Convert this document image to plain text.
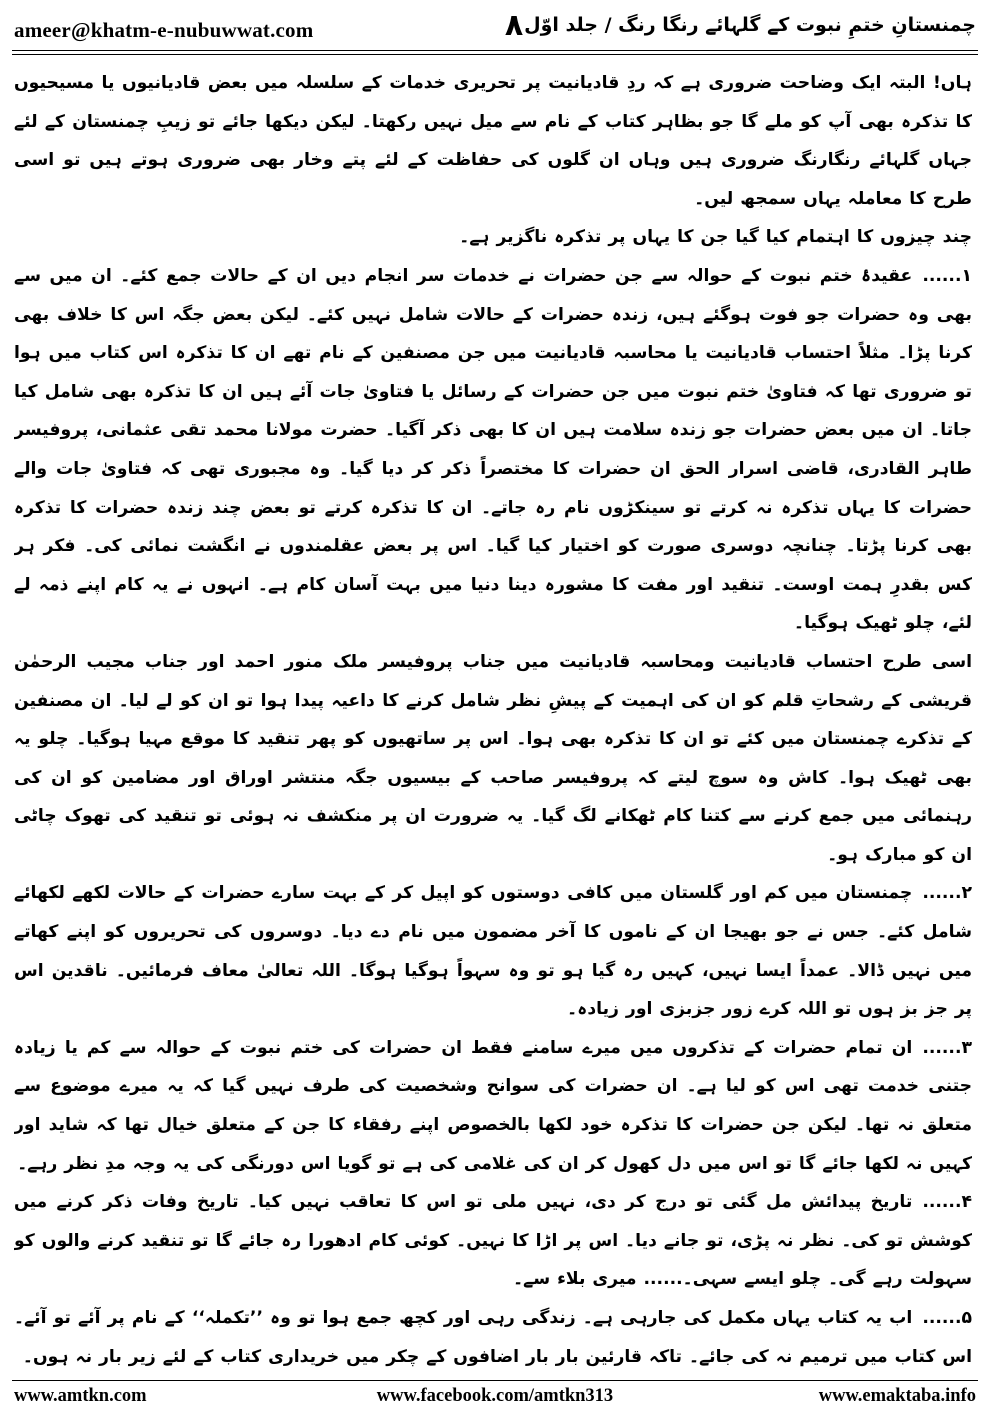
ameer@khatm-e-nubuwwat.com	۸ چمنستانِ ختمِ نبوت کے گلہائے رنگا رنگ / جلد اوّل

ہاں! البتہ ایک وضاحت ضروری ہے کہ ردِ قادیانیت پر تحریری خدمات کے سلسلہ میں بعض قادیانیوں یا مسیحیوں کا تذکرہ بھی آپ کو ملے گا جو بظاہر کتاب کے نام سے میل نہیں رکھتا۔ لیکن دیکھا جائے تو زیبِ چمنستان کے لئے جہاں گلہائے رنگارنگ ضروری ہیں وہاں ان گلوں کی حفاظت کے لئے پتے وخار بھی ضروری ہوتے ہیں تو اسی طرح کا معاملہ یہاں سمجھ لیں۔

چند چیزوں کا اہتمام کیا گیا جن کا یہاں پر تذکرہ ناگزیر ہے۔

۱......عقیدۂ ختم نبوت کے حوالہ سے جن حضرات نے خدمات سر انجام دیں ان کے حالات جمع کئے۔ ان میں سے بھی وہ حضرات جو فوت ہوگئے ہیں، زندہ حضرات کے حالات شامل نہیں کئے۔ لیکن بعض جگہ اس کا خلاف بھی کرنا پڑا۔ مثلاً احتساب قادیانیت یا محاسبہ قادیانیت میں جن مصنفین کے نام تھے ان کا تذکرہ اس کتاب میں ہوا تو ضروری تھا کہ فتاویٰ ختم نبوت میں جن حضرات کے رسائل یا فتاویٰ جات آئے ہیں ان کا تذکرہ بھی شامل کیا جاتا۔ ان میں بعض حضرات جو زندہ سلامت ہیں ان کا بھی ذکر آگیا۔ حضرت مولانا محمد تقی عثمانی، پروفیسر طاہر القادری، قاضی اسرار الحق ان حضرات کا مختصراً ذکر کر دیا گیا۔ وہ مجبوری تھی کہ فتاویٰ جات والے حضرات کا یہاں تذکرہ نہ کرتے تو سینکڑوں نام رہ جاتے۔ ان کا تذکرہ کرتے تو بعض چند زندہ حضرات کا تذکرہ بھی کرنا پڑتا۔ چنانچہ دوسری صورت کو اختیار کیا گیا۔ اس پر بعض عقلمندوں نے انگشت نمائی کی۔ فکر ہر کس بقدرِ ہمت اوست۔ تنقید اور مفت کا مشورہ دینا دنیا میں بہت آسان کام ہے۔ انہوں نے یہ کام اپنے ذمہ لے لئے، چلو ٹھیک ہوگیا۔

اسی طرح احتساب قادیانیت ومحاسبہ قادیانیت میں جناب پروفیسر ملک منور احمد اور جناب مجیب الرحمٰن قریشی کے رشحاتِ قلم کو ان کی اہمیت کے پیشِ نظر شامل کرنے کا داعیہ پیدا ہوا تو ان کو لے لیا۔ ان مصنفین کے تذکرے چمنستان میں کئے تو ان کا تذکرہ بھی ہوا۔ اس پر ساتھیوں کو پھر تنقید کا موقع مہیا ہوگیا۔ چلو یہ بھی ٹھیک ہوا۔ کاش وہ سوچ لیتے کہ پروفیسر صاحب کے بیسیوں جگہ منتشر اوراق اور مضامین کو ان کی رہنمائی میں جمع کرنے سے کتنا کام ٹھکانے لگ گیا۔ یہ ضرورت ان پر منکشف نہ ہوئی تو تنقید کی تھوک چاٹی ان کو مبارک ہو۔

۲......چمنستان میں کم اور گلستان میں کافی دوستوں کو اپیل کر کے بہت سارے حضرات کے حالات لکھے لکھائے شامل کئے۔ جس نے جو بھیجا ان کے ناموں کا آخر مضمون میں نام دے دیا۔ دوسروں کی تحریروں کو اپنے کھاتے میں نہیں ڈالا۔ عمداً ایسا نہیں، کہیں رہ گیا ہو تو وہ سہواً ہوگیا ہوگا۔ اللہ تعالیٰ معاف فرمائیں۔ ناقدین اس پر جز بز ہوں تو اللہ کرے زور جزبزی اور زیادہ۔

۳......ان تمام حضرات کے تذکروں میں میرے سامنے فقط ان حضرات کی ختم نبوت کے حوالہ سے کم یا زیادہ جتنی خدمت تھی اس کو لیا ہے۔ ان حضرات کی سوانح وشخصیت کی طرف نہیں گیا کہ یہ میرے موضوع سے متعلق نہ تھا۔ لیکن جن حضرات کا تذکرہ خود لکھا بالخصوص اپنے رفقاء کا جن کے متعلق خیال تھا کہ شاید اور کہیں نہ لکھا جائے گا تو اس میں دل کھول کر ان کی غلامی کی ہے تو گویا اس دورنگی کی یہ وجہ مدِ نظر رہے۔

۴......تاریخ پیدائش مل گئی تو درج کر دی، نہیں ملی تو اس کا تعاقب نہیں کیا۔ تاریخ وفات ذکر کرنے میں کوشش تو کی۔ نظر نہ پڑی، تو جانے دیا۔ اس پر اڑا کا نہیں۔ کوئی کام ادھورا رہ جائے گا تو تنقید کرنے والوں کو سہولت رہے گی۔ چلو ایسے سہی۔...... میری بلاء سے۔

۵......اب یہ کتاب یہاں مکمل کی جارہی ہے۔ زندگی رہی اور کچھ جمع ہوا تو وہ ’’تکملہ‘‘ کے نام پر آئے تو آئے۔ اس کتاب میں ترمیم نہ کی جائے۔ تاکہ قارئین بار بار اضافوں کے چکر میں خریداری کتاب کے لئے زیر بار نہ ہوں۔

www.amtkn.com	www.facebook.com/amtkn313	www.emaktaba.info
